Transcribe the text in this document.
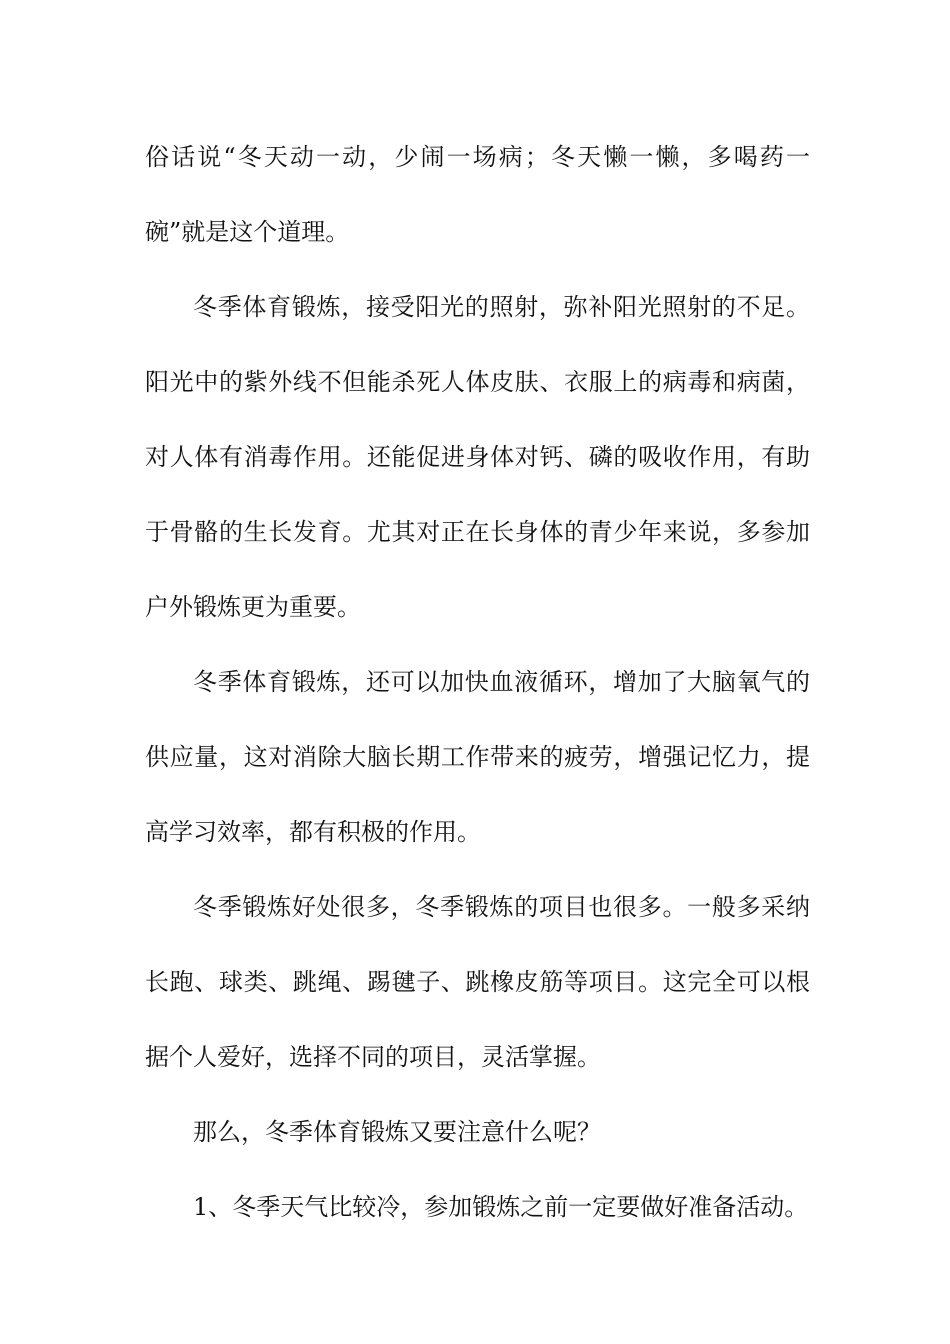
俗话说“冬天动一动，少闹一场病；冬天懒一懒，多喝药一碗”就是这个道理。

冬季体育锻炼，接受阳光的照射，弥补阳光照射的不足。阳光中的紫外线不但能杀死人体皮肤、衣服上的病毒和病菌，对人体有消毒作用。还能促进身体对钙、磷的吸收作用，有助于骨骼的生长发育。尤其对正在长身体的青少年来说，多参加户外锻炼更为重要。

冬季体育锻炼，还可以加快血液循环，增加了大脑氧气的供应量，这对消除大脑长期工作带来的疲劳，增强记忆力，提高学习效率，都有积极的作用。

冬季锻炼好处很多，冬季锻炼的项目也很多。一般多采纳长跑、球类、跳绳、踢毽子、跳橡皮筋等项目。这完全可以根据个人爱好，选择不同的项目，灵活掌握。

那么，冬季体育锻炼又要注意什么呢？

1、冬季天气比较冷，参加锻炼之前一定要做好准备活动。
